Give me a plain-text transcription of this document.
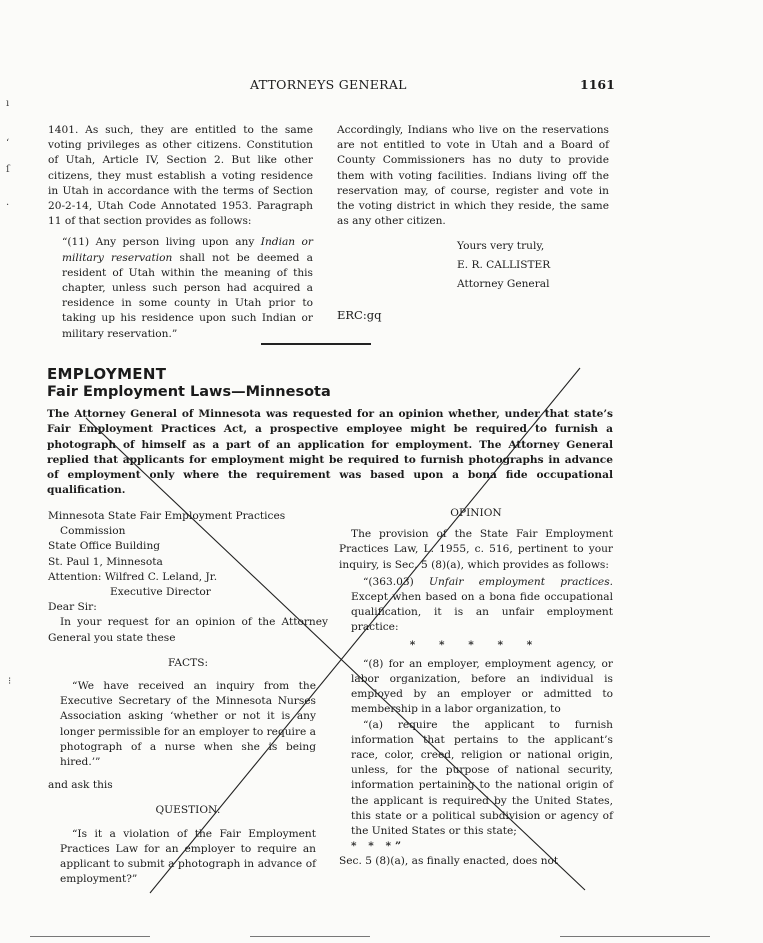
ATTORNEYS GENERAL	1161
ı
‘
ſ
·
⁝

1401. As such, they are entitled to the same voting privileges as other citizens. Constitution of Utah, Article IV, Section 2. But like other citizens, they must establish a voting residence in Utah in accordance with the terms of Section 20-2-14, Utah Code Annotated 1953. Paragraph 11 of that section provides as follows:

“(11) Any person living upon any Indian or military reservation shall not be deemed a resident of Utah within the meaning of this chapter, unless such person had acquired a residence in some county in Utah prior to taking up his residence upon such Indian or military reservation.”

Accordingly, Indians who live on the reservations are not entitled to vote in Utah and a Board of County Commissioners has no duty to provide them with voting facilities. Indians living off the reservation may, of course, register and vote in the voting district in which they reside, the same as any other citizen.

Yours very truly,

E. R. CALLISTER

Attorney General

ERC:gq

EMPLOYMENT
Fair Employment Laws—Minnesota
The Attorney General of Minnesota was requested for an opinion whether, under that state’s Fair Employment Practices Act, a prospective employee might be required to furnish a photograph of himself as a part of an application for employment. The Attorney General replied that applicants for employment might be required to furnish photographs in advance of employment only where the requirement was based upon a bona fide occupational qualification.

Minnesota State Fair Employment Practices

Commission

State Office Building

St. Paul 1, Minnesota

Attention: Wilfred C. Leland, Jr.

Executive Director

Dear Sir:

In your request for an opinion of the Attorney General you state these

FACTS:

“We have received an inquiry from the Executive Secretary of the Minnesota Nurses Association asking ‘whether or not it is any longer permissible for an employer to require a photograph of a nurse when she is being hired.’”

and ask this

QUESTION:

“Is it a violation of the Fair Employment Practices Law for an employer to require an applicant to submit a photograph in advance of employment?”

OPINION

The provision of the State Fair Employment Practices Law, L. 1955, c. 516, pertinent to your inquiry, is Sec. 5 (8)(a), which provides as follows:

“(363.03) Unfair employment practices. Except when based on a bona fide occupational qualification, it is an unfair employment practice:

* * * * *

“(8) for an employer, employment agency, or labor organization, before an individual is employed by an employer or admitted to membership in a labor organization, to

“(a) require the applicant to furnish information that pertains to the applicant’s race, color, creed, religion or national origin, unless, for the purpose of national security, information pertaining to the national origin of the applicant is required by the United States, this state or a political subdivision or agency of the United States or this state;

* * *”

Sec. 5 (8)(a), as finally enacted, does not
